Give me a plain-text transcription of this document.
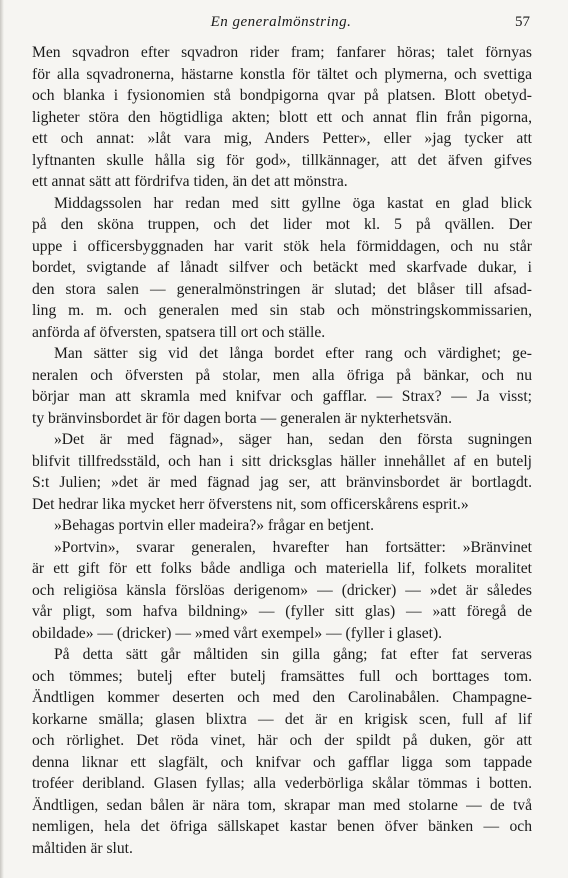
En generalmönstring.	57
Men sqvadron efter sqvadron rider fram; fanfarer höras; talet förnyas
för alla sqvadronerna, hästarne konstla för tältet och plymerna, och svettiga
och blanka i fysionomien stå bondpigorna qvar på platsen. Blott obetyd-
ligheter störa den högtidliga akten; blott ett och annat flin från pigorna,
ett och annat: »låt vara mig, Anders Petter», eller »jag tycker att
lyftnanten skulle hålla sig för god», tillkännager, att det äfven gifves
ett annat sätt att fördrifva tiden, än det att mönstra.
Middagssolen har redan med sitt gyllne öga kastat en glad blick
på den sköna truppen, och det lider mot kl. 5 på qvällen. Der
uppe i officersbyggnaden har varit stök hela förmiddagen, och nu står
bordet, svigtande af lånadt silfver och betäckt med skarfvade dukar, i
den stora salen — generalmönstringen är slutad; det blåser till afsad-
ling m. m. och generalen med sin stab och mönstringskommissarien,
anförda af öfversten, spatsera till ort och ställe.
Man sätter sig vid det långa bordet efter rang och värdighet; ge-
neralen och öfversten på stolar, men alla öfriga på bänkar, och nu
börjar man att skramla med knifvar och gafflar. — Strax? — Ja visst;
ty bränvinsbordet är för dagen borta — generalen är nykterhetsvän.
»Det är med fägnad», säger han, sedan den första sugningen
blifvit tillfredsstäld, och han i sitt dricksglas häller innehållet af en butelj
S:t Julien; »det är med fägnad jag ser, att bränvinsbordet är bortlagdt.
Det hedrar lika mycket herr öfverstens nit, som officerskårens esprit.»
»Behagas portvin eller madeira?» frågar en betjent.
»Portvin», svarar generalen, hvarefter han fortsätter: »Bränvinet
är ett gift för ett folks både andliga och materiella lif, folkets moralitet
och religiösa känsla förslöas derigenom» — (dricker) — »det är således
vår pligt, som hafva bildning» — (fyller sitt glas) — »att föregå de
obildade» — (dricker) — »med vårt exempel» — (fyller i glaset).
På detta sätt går måltiden sin gilla gång; fat efter fat serveras
och tömmes; butelj efter butelj framsättes full och borttages tom.
Ändtligen kommer deserten och med den Carolinabålen. Champagne-
korkarne smälla; glasen blixtra — det är en krigisk scen, full af lif
och rörlighet. Det röda vinet, här och der spildt på duken, gör att
denna liknar ett slagfält, och knifvar och gafflar ligga som tappade
troféer deribland. Glasen fyllas; alla vederbörliga skålar tömmas i botten.
Ändtligen, sedan bålen är nära tom, skrapar man med stolarne — de två
nemligen, hela det öfriga sällskapet kastar benen öfver bänken — och
måltiden är slut.
